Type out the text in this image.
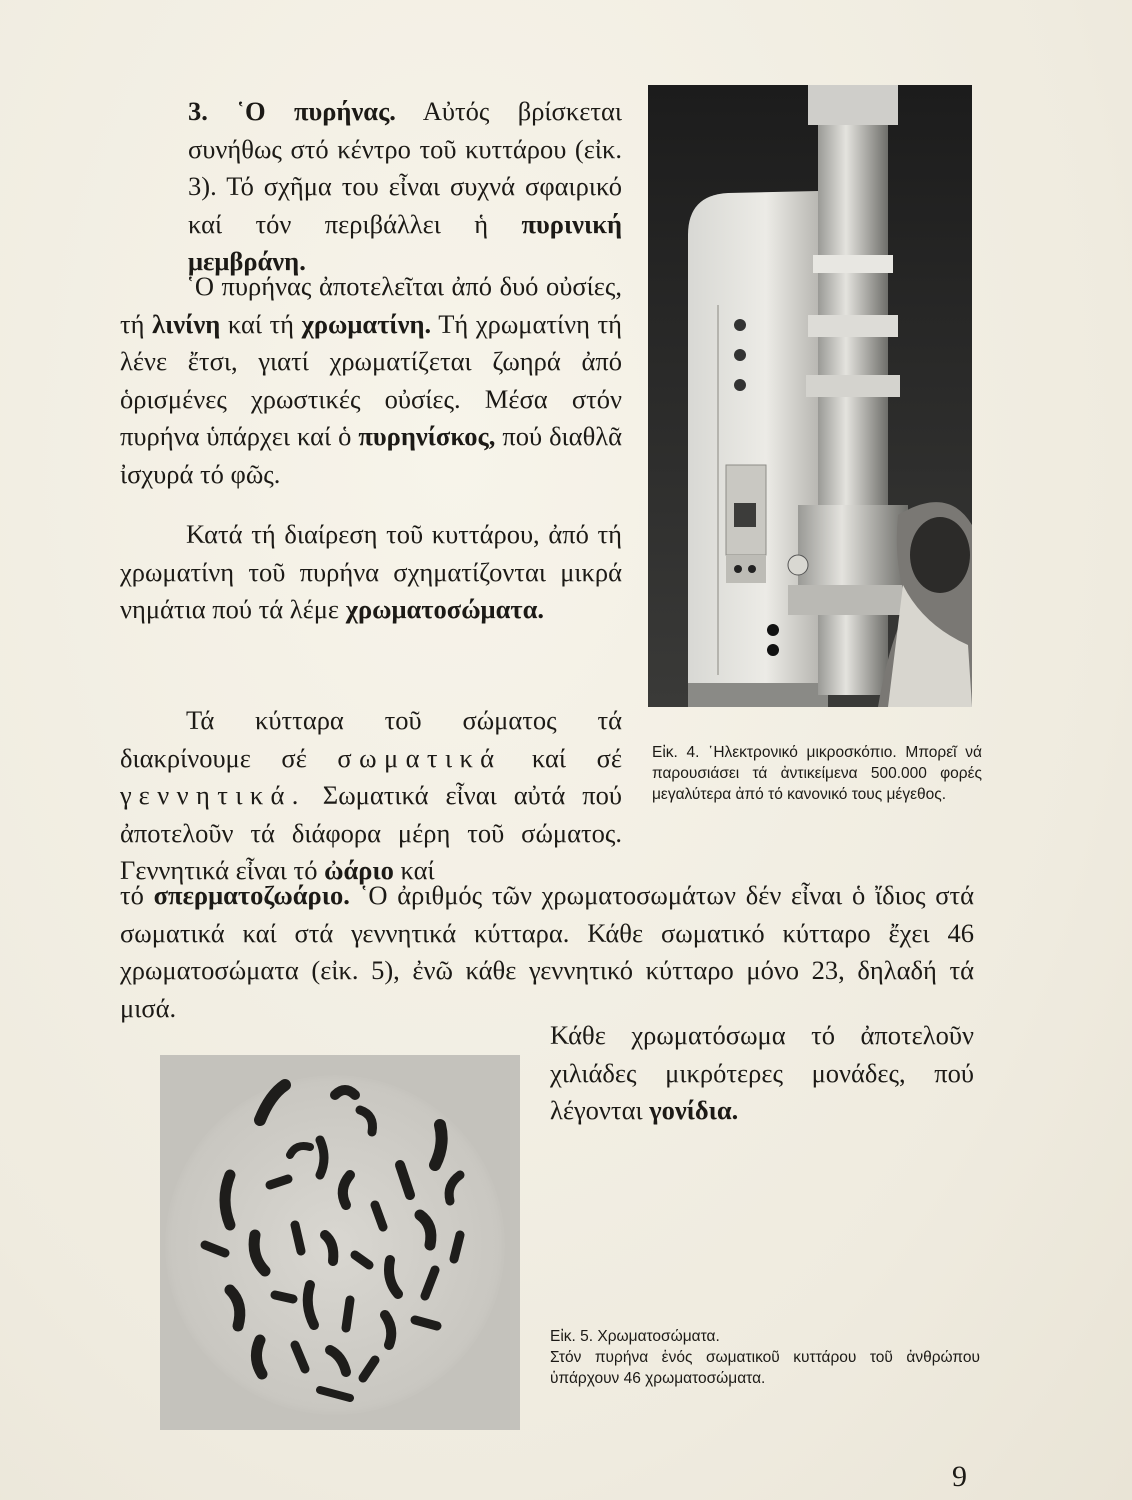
3. ῾Ο πυρήνας. Αὐτός βρίσκεται συνήθως στό κέντρο τοῦ κυττάρου (εἰκ. 3). Τό σχῆμα του εἶναι συχνά σφαιρικό καί τόν περιβάλλει ἡ πυρινική μεμβράνη.

῾Ο πυρήνας ἀποτελεῖται ἀπό δυό οὐσίες, τή λινίνη καί τή χρωματίνη. Τή χρωματίνη τή λένε ἔτσι, γιατί χρωματίζεται ζωηρά ἀπό ὁρισμένες χρωστικές οὐσίες. Μέσα στόν πυρήνα ὑπάρχει καί ὁ πυρηνίσκος, πού διαθλᾶ ἰσχυρά τό φῶς.

Κατά τή διαίρεση τοῦ κυττάρου, ἀπό τή χρωματίνη τοῦ πυρήνα σχηματίζονται μικρά νημάτια πού τά λέμε χρωματοσώματα.

Τά κύτταρα τοῦ σώματος τά διακρίνουμε σέ σωματικά καί σέ γεννητικά. Σωματικά εἶναι αὐτά πού ἀποτελοῦν τά διάφορα μέρη τοῦ σώματος. Γεννητικά εἶναι τό ὠάριο καί

τό σπερματοζωάριο. ῾Ο ἀριθμός τῶν χρωματοσωμάτων δέν εἶναι ὁ ἴδιος στά σωματικά καί στά γεννητικά κύτταρα. Κάθε σωματικό κύτταρο ἔχει 46 χρωματοσώματα (εἰκ. 5), ἐνῶ κάθε γεννητικό κύτταρο μόνο 23, δηλαδή τά μισά.

Κάθε χρωματόσωμα τό ἀποτελοῦν χιλιάδες μικρότερες μονάδες, πού λέγονται γονίδια.

Εἰκ. 4. ῾Ηλεκτρονικό μικροσκόπιο. Μπορεῖ νά παρουσιάσει τά ἀντικείμενα 500.000 φορές μεγαλύτερα ἀπό τό κανονικό τους μέγεθος.
Εἰκ. 5. Χρωματοσώματα.
Στόν πυρήνα ἑνός σωματικοῦ κυττάρου τοῦ ἀνθρώπου ὑπάρχουν 46 χρωματοσώματα.
9
